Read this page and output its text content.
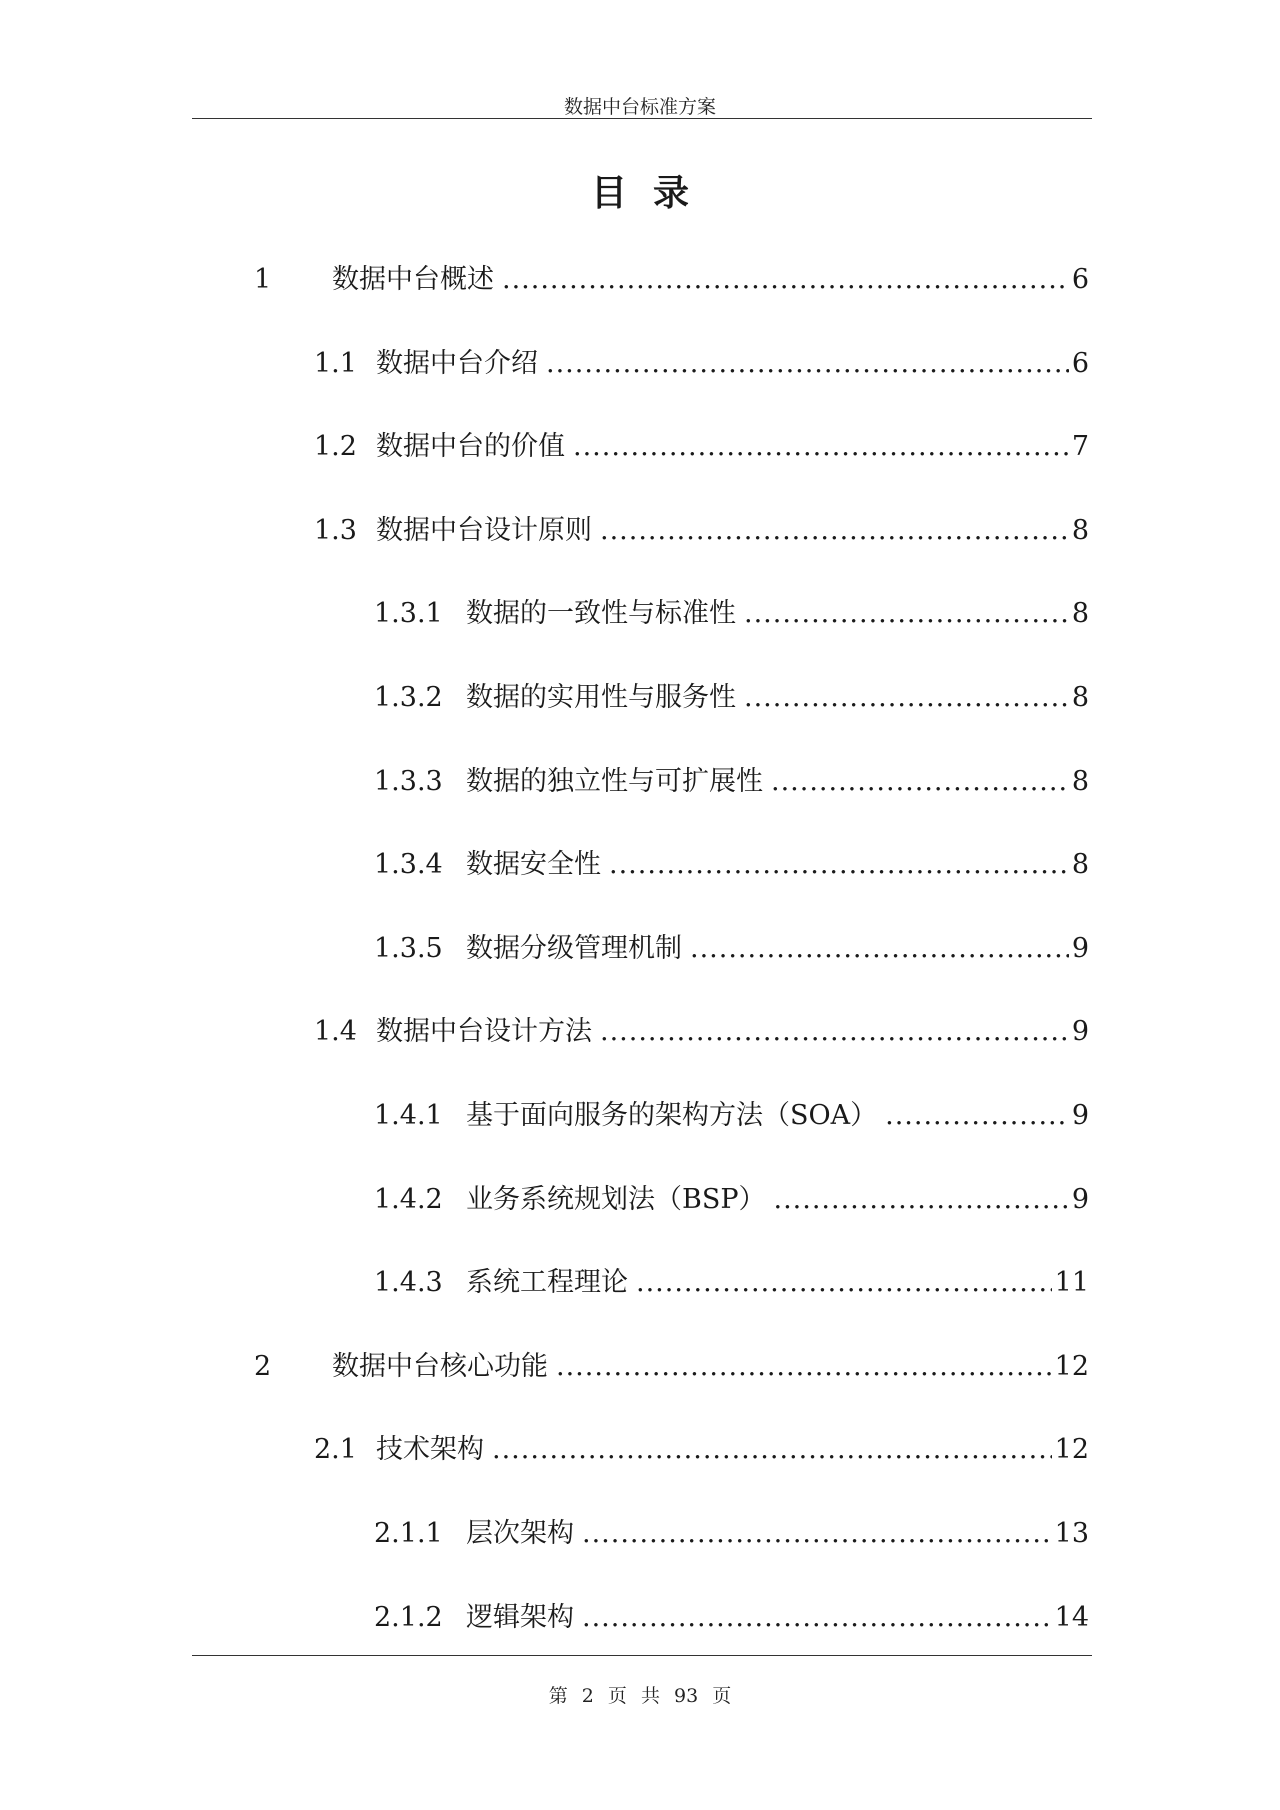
数据中台标准方案
目录
1	数据中台概述 .....	6
1.1 数据中台介绍 .....	6
1.2 数据中台的价值 .....	7
1.3 数据中台设计原则 .....	8
1.3.1 数据的一致性与标准性 .....	8
1.3.2 数据的实用性与服务性 .....	8
1.3.3 数据的独立性与可扩展性 .....	8
1.3.4 数据安全性 .....	8
1.3.5 数据分级管理机制 .....	9
1.4 数据中台设计方法 .....	9
1.4.1 基于面向服务的架构方法（SOA） .....	9
1.4.2 业务系统规划法（BSP） .....	9
1.4.3 系统工程理论 .....	11
2	数据中台核心功能 .....	12
2.1 技术架构 .....	12
2.1.1 层次架构 .....	13
2.1.2 逻辑架构 .....	14
第 2 页 共 93 页
